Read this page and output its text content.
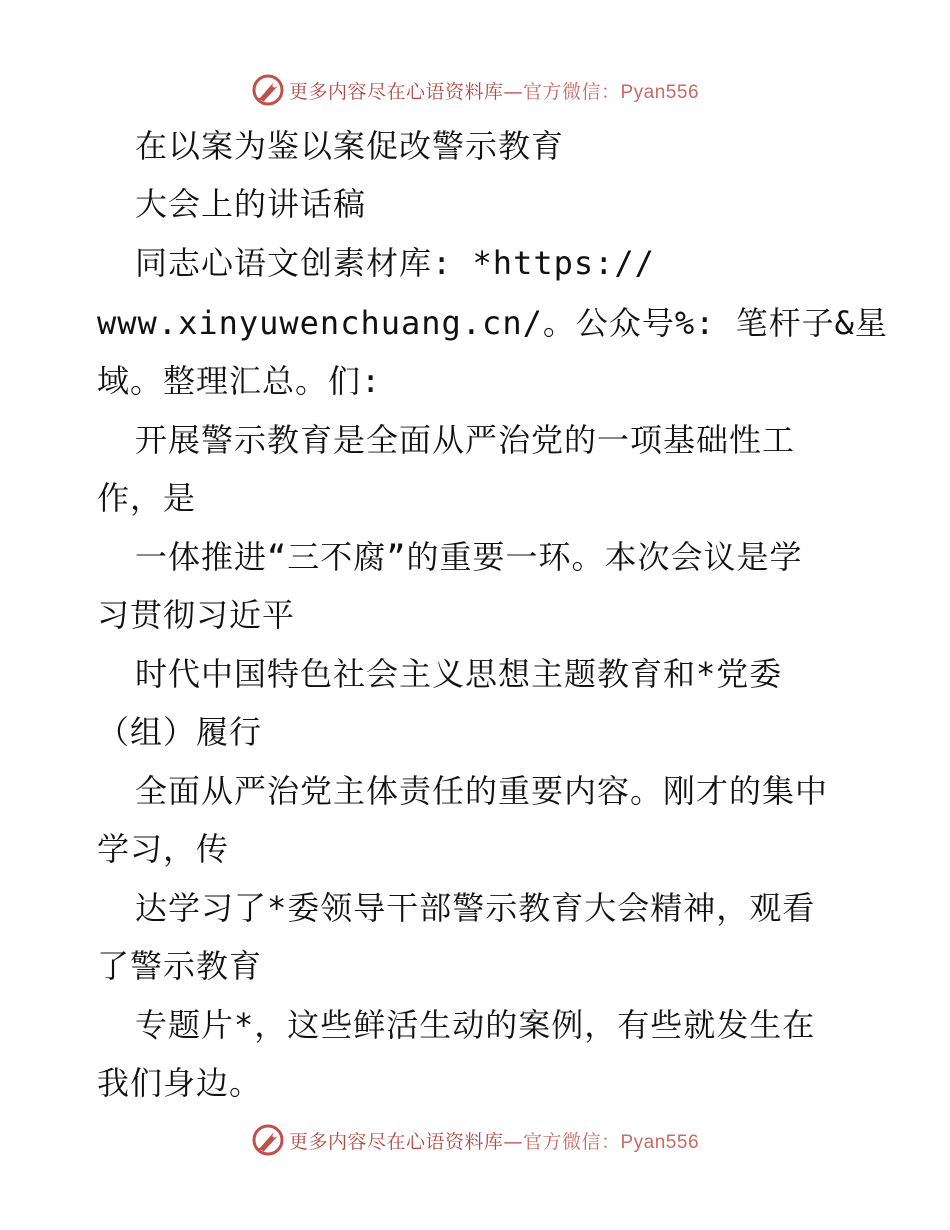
更多内容尽在心语资料库—官方微信：Pyan556
在以案为鉴以案促改警示教育
大会上的讲话稿
同志心语文创素材库: *https://
www.xinyuwenchuang.cn/。公众号%: 笔杆子&星
域。整理汇总。们:
开展警示教育是全面从严治党的一项基础性工
作，是
一体推进“三不腐”的重要一环。本次会议是学
习贯彻习近平
时代中国特色社会主义思想主题教育和*党委
（组）履行
全面从严治党主体责任的重要内容。刚才的集中
学习，传
达学习了*委领导干部警示教育大会精神，观看
了警示教育
专题片*，这些鲜活生动的案例，有些就发生在
我们身边。
更多内容尽在心语资料库—官方微信：Pyan556
